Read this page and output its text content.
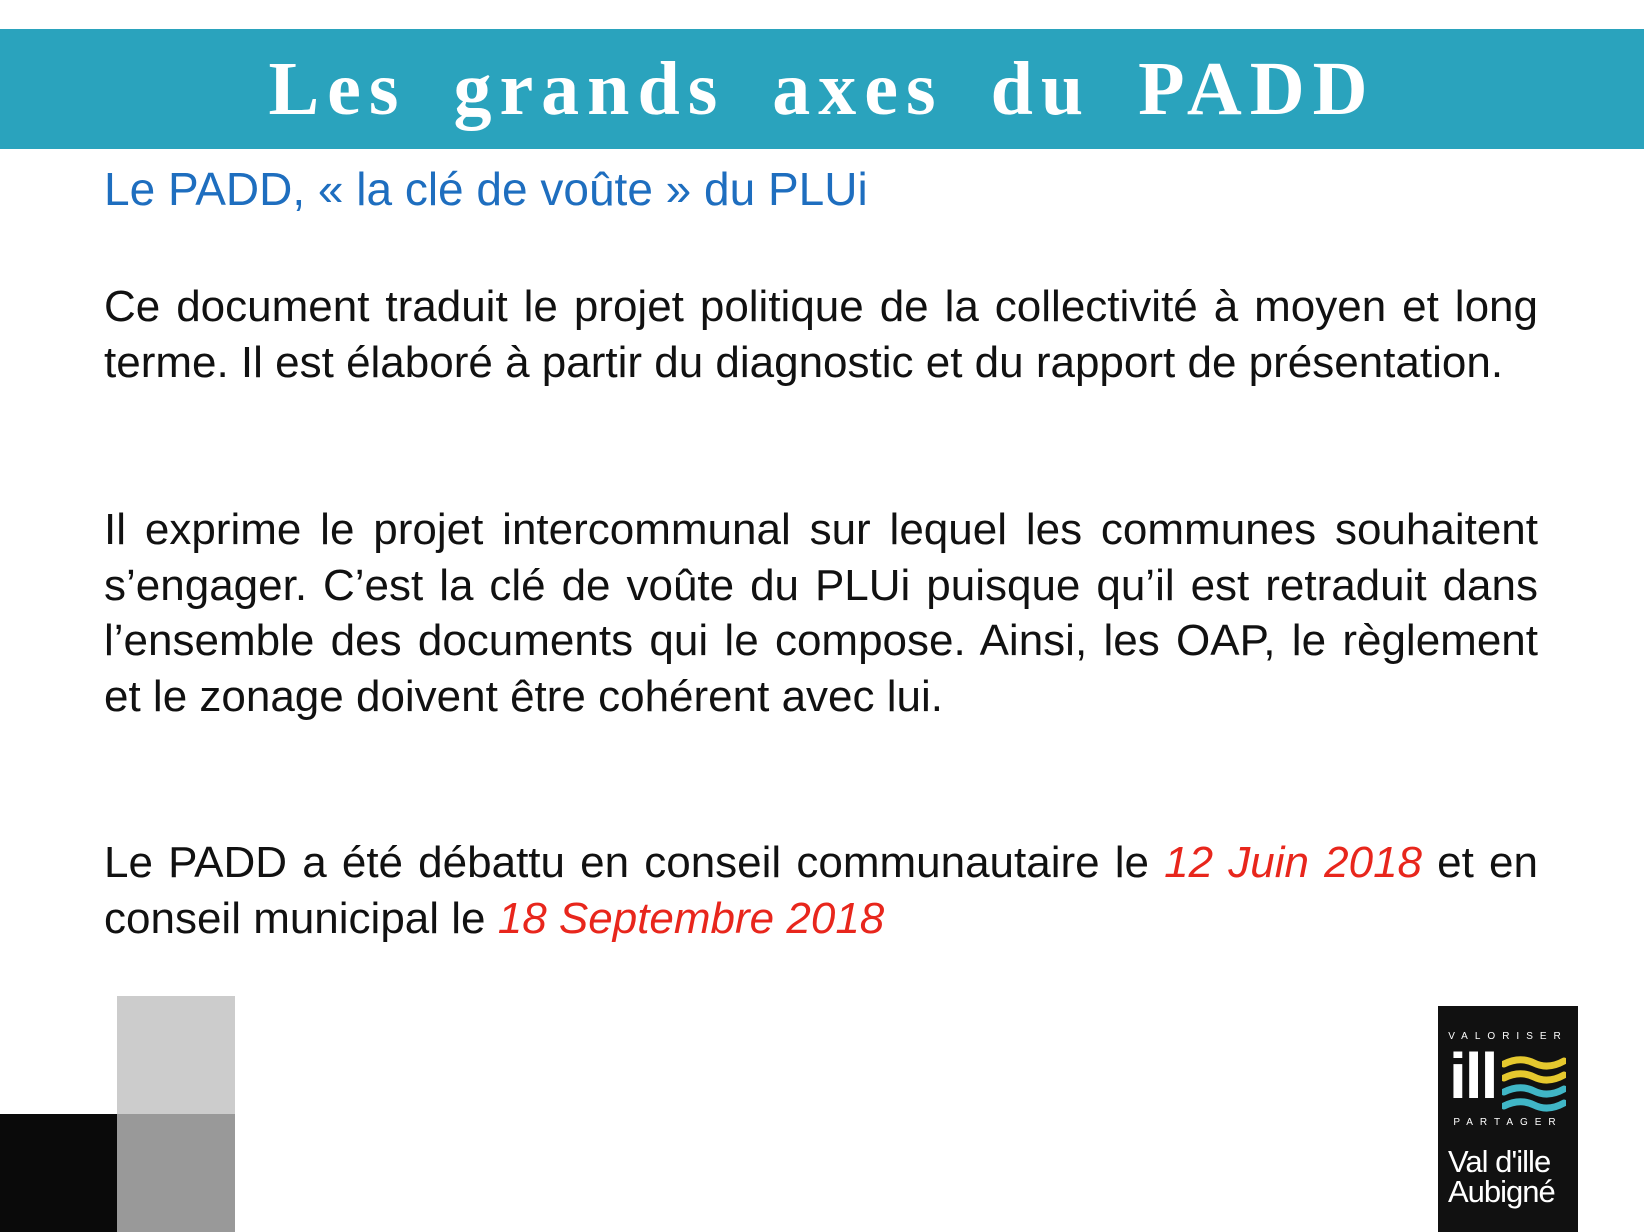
Les grands axes du PADD
Le PADD, « la clé de voûte » du PLUi

Ce document traduit le projet politique de la collectivité à moyen et long terme. Il est élaboré à partir du diagnostic et du rapport de présentation.

Il exprime le projet intercommunal sur lequel les communes souhaitent s’engager. C’est la clé de voûte du PLUi puisque qu’il est retraduit dans l’ensemble des documents qui le compose. Ainsi, les OAP, le règlement et le zonage doivent être cohérent avec lui.

Le PADD a été débattu en conseil communautaire le 12 Juin 2018 et en conseil municipal le 18 Septembre 2018

VALORISER
ill
PARTAGER
Val d'ille
Aubigné
